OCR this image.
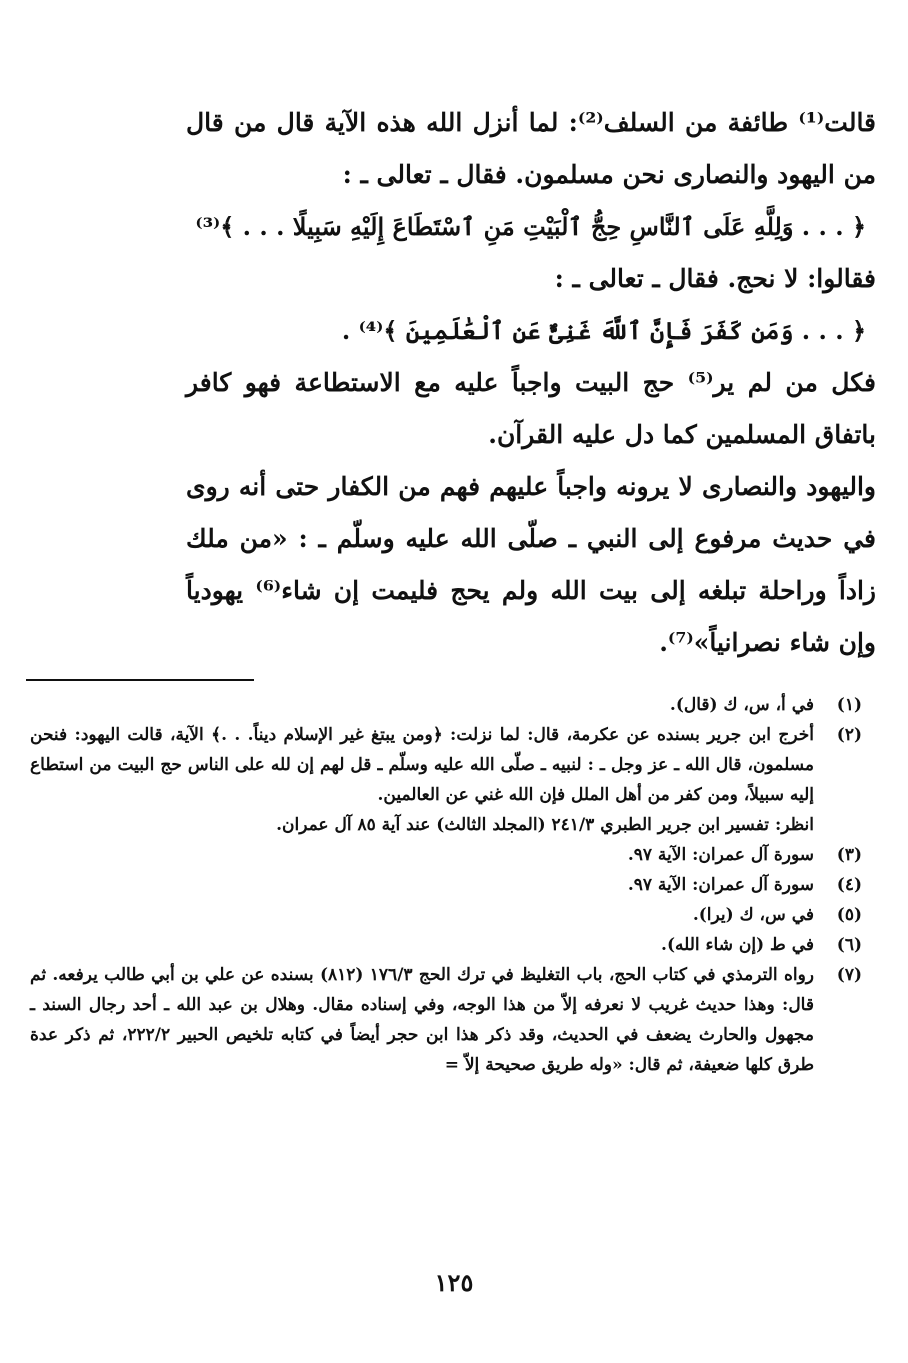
قالت⁽¹⁾ طائفة من السلف⁽²⁾: لما أنزل الله هذه الآية قال من قال من اليهود والنصارى نحن مسلمون. فقال ـ تعالى ـ :

﴿ . . . وَلِلَّهِ عَلَى ٱلنَّاسِ حِجُّ ٱلْبَيْتِ مَنِ ٱسْتَطَاعَ إِلَيْهِ سَبِيلًا . . . ﴾⁽³⁾

فقالوا: لا نحج. فقال ـ تعالى ـ :

﴿ . . . وَمَن كَفَرَ فَإِنَّ ٱللَّهَ غَنِىٌّ عَنِ ٱلْعَٰلَمِينَ ﴾⁽⁴⁾ .

فكل من لم ير⁽⁵⁾ حج البيت واجباً عليه مع الاستطاعة فهو كافر باتفاق المسلمين كما دل عليه القرآن.

واليهود والنصارى لا يرونه واجباً عليهم فهم من الكفار حتى أنه روى في حديث مرفوع إلى النبي ـ صلّى الله عليه وسلّم ـ : «من ملك زاداً وراحلة تبلغه إلى بيت الله ولم يحج فليمت إن شاء⁽⁶⁾ يهودياً وإن شاء نصرانياً»⁽⁷⁾.

(١)
في أ، س، ك (قال).
(٢)
أخرج ابن جرير بسنده عن عكرمة، قال: لما نزلت: ﴿ومن يبتغ غير الإسلام ديناً. . .﴾ الآية، قالت اليهود: فنحن مسلمون، قال الله ـ عز وجل ـ : لنبيه ـ صلّى الله عليه وسلّم ـ قل لهم إن لله على الناس حج البيت من استطاع إليه سبيلاً، ومن كفر من أهل الملل فإن الله غني عن العالمين.
انظر: تفسير ابن جرير الطبري ٢٤١/٣ (المجلد الثالث) عند آية ٨٥ آل عمران.
(٣)
سورة آل عمران: الآية ٩٧.
(٤)
سورة آل عمران: الآية ٩٧.
(٥)
في س، ك (يرا).
(٦)
في ط (إن شاء الله).
(٧)
رواه الترمذي في كتاب الحج، باب التغليظ في ترك الحج ١٧٦/٣ (٨١٢) بسنده عن علي بن أبي طالب يرفعه. ثم قال: وهذا حديث غريب لا نعرفه إلاّ من هذا الوجه، وفي إسناده مقال. وهلال بن عبد الله ـ أحد رجال السند ـ مجهول والحارث يضعف في الحديث، وقد ذكر هذا ابن حجر أيضاً في كتابه تلخيص الحبير ٢٢٢/٢، ثم ذكر عدة طرق كلها ضعيفة، ثم قال: «وله طريق صحيحة إلاّ =
١٢٥
